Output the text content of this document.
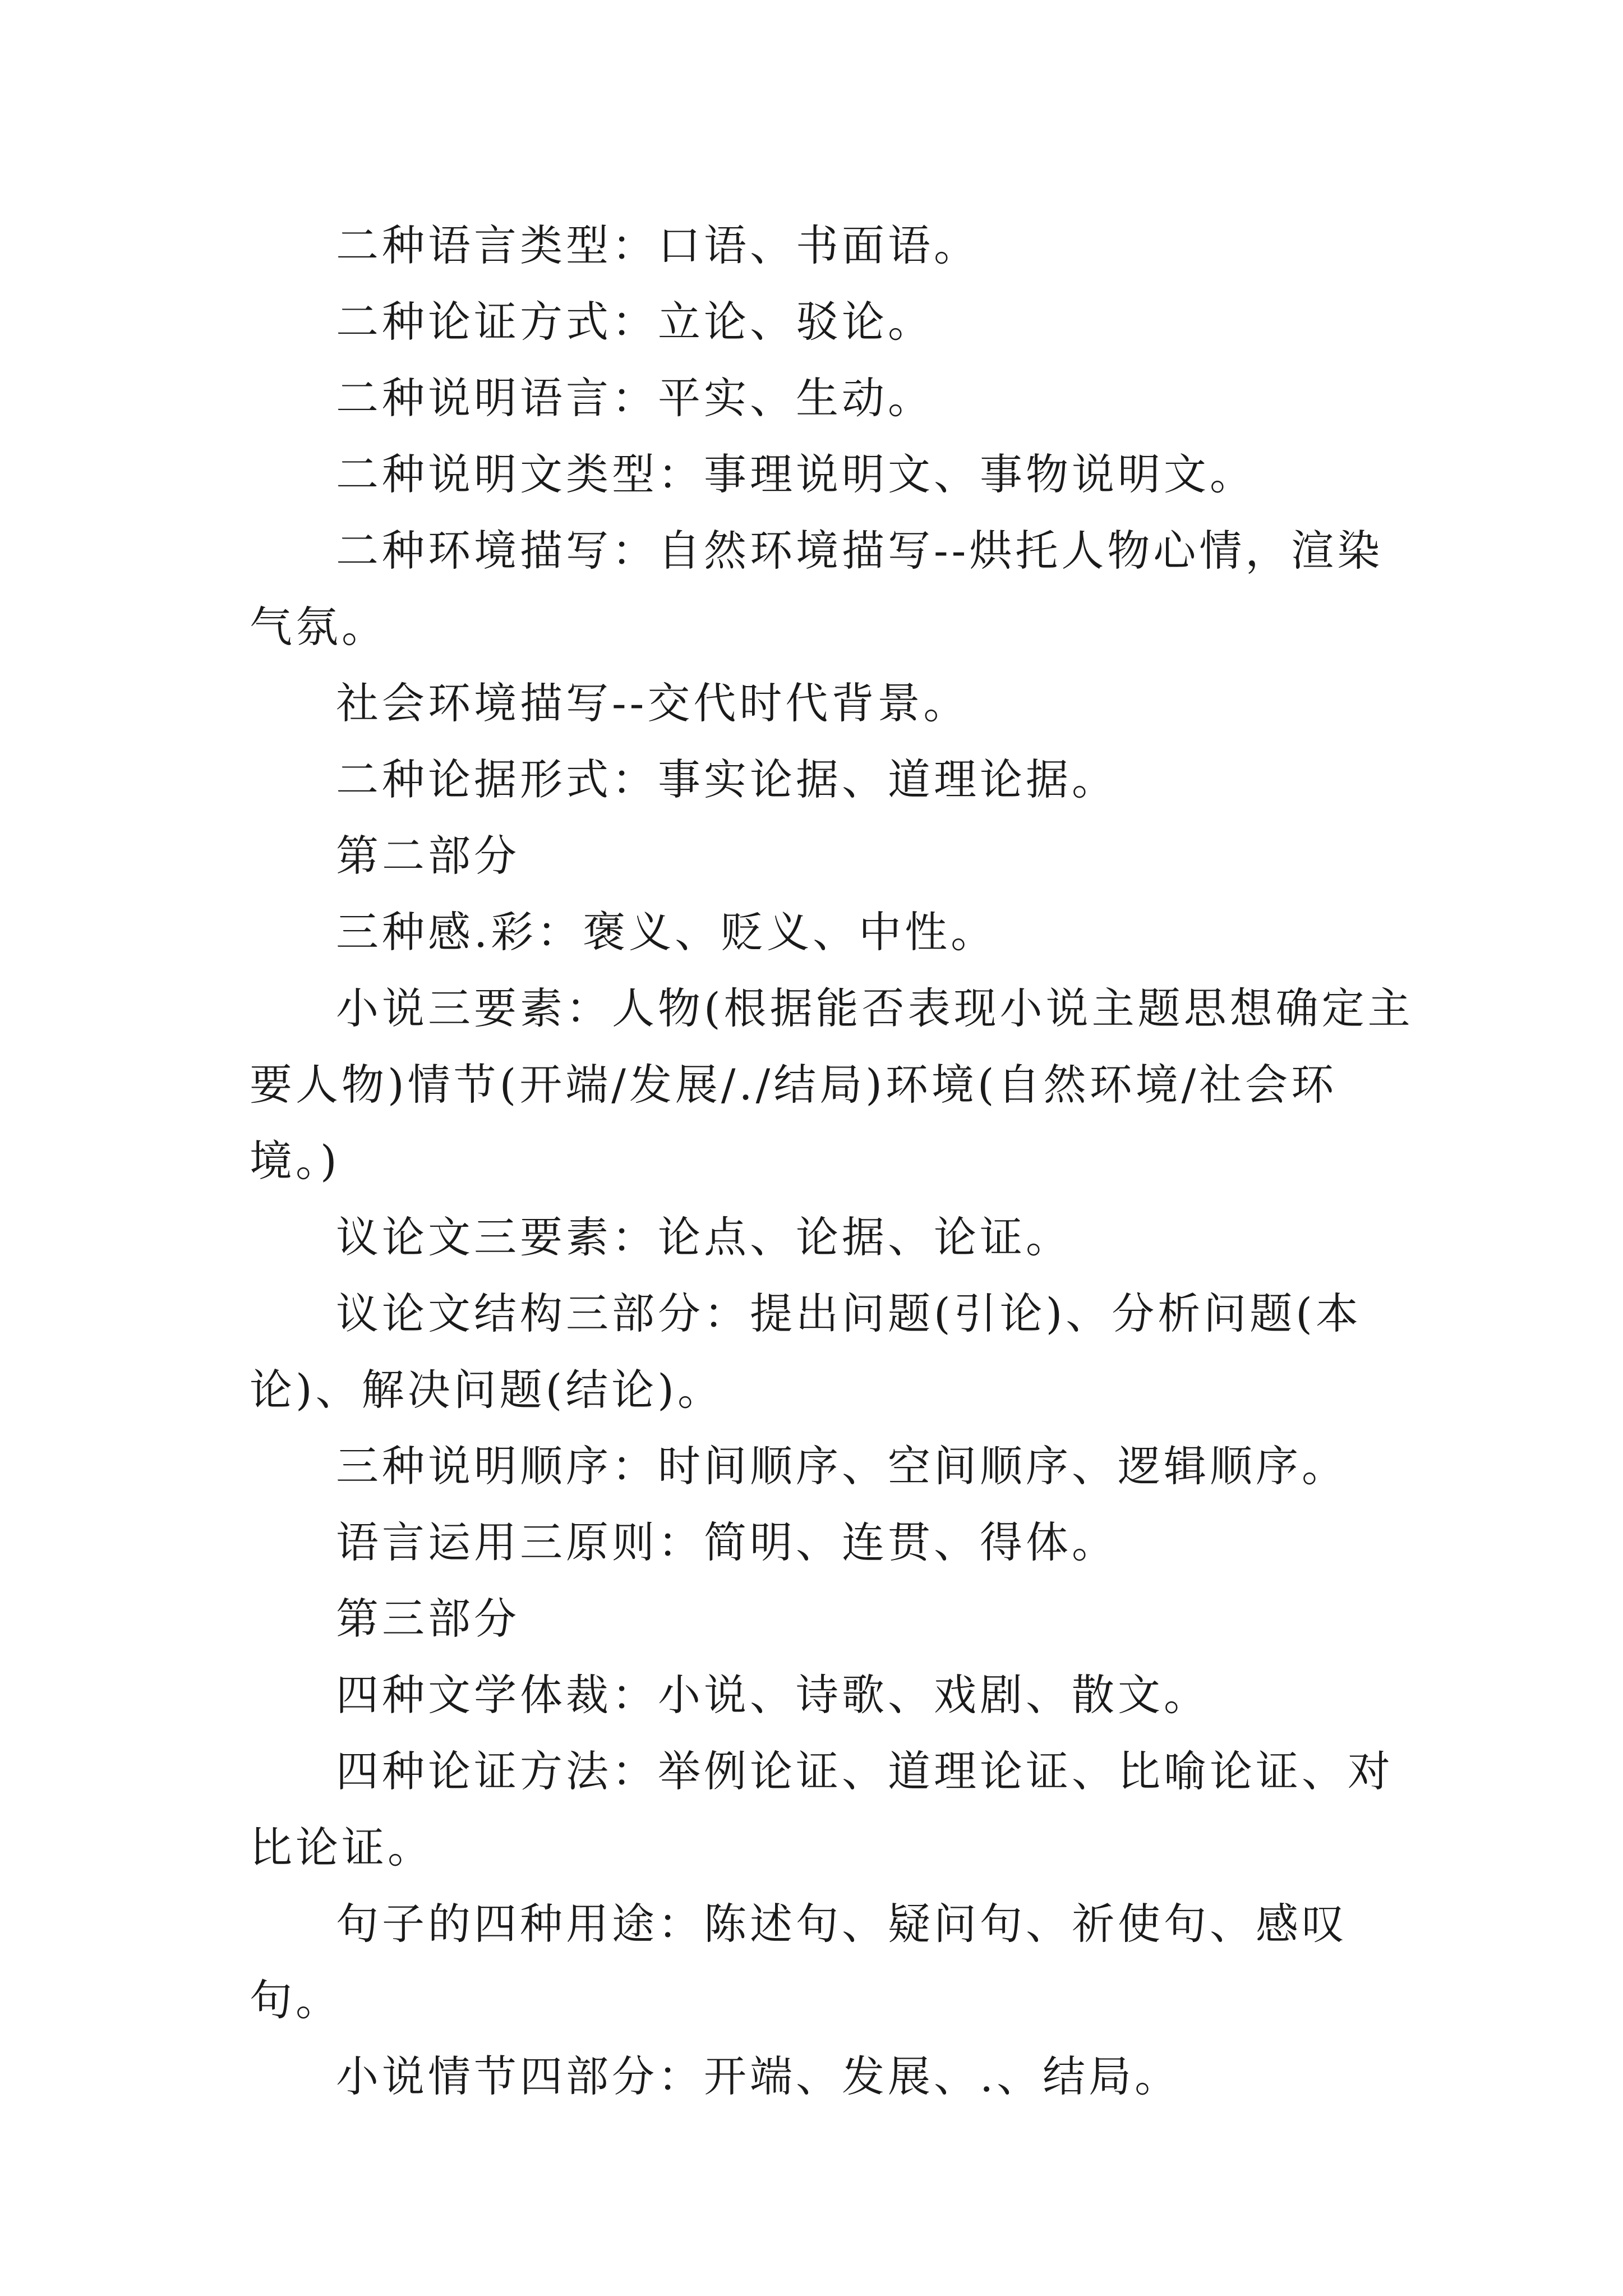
二种语言类型：口语、书面语。

二种论证方式：立论、驳论。

二种说明语言：平实、生动。

二种说明文类型：事理说明文、事物说明文。

二种环境描写：自然环境描写--烘托人物心情，渲染气氛。

社会环境描写--交代时代背景。

二种论据形式：事实论据、道理论据。

第二部分

三种感.彩：褒义、贬义、中性。

小说三要素：人物(根据能否表现小说主题思想确定主要人物)情节(开端/发展/./结局)环境(自然环境/社会环境。)

议论文三要素：论点、论据、论证。

议论文结构三部分：提出问题(引论)、分析问题(本论)、解决问题(结论)。

三种说明顺序：时间顺序、空间顺序、逻辑顺序。

语言运用三原则：简明、连贯、得体。

第三部分

四种文学体裁：小说、诗歌、戏剧、散文。

四种论证方法：举例论证、道理论证、比喻论证、对比论证。

句子的四种用途：陈述句、疑问句、祈使句、感叹句。

小说情节四部分：开端、发展、.、结局。
